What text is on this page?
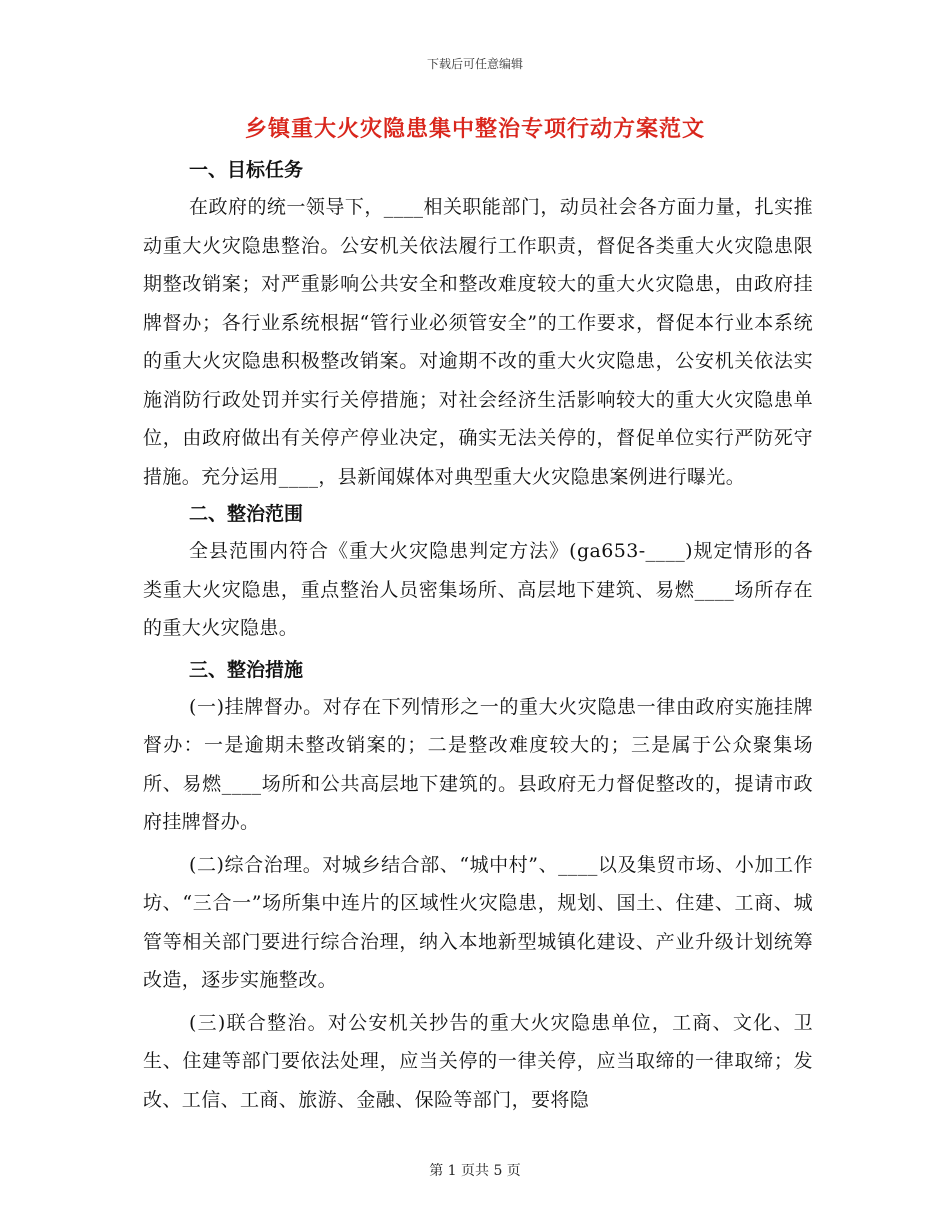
下载后可任意编辑
乡镇重大火灾隐患集中整治专项行动方案范文

一、目标任务

在政府的统一领导下，____相关职能部门，动员社会各方面力量，扎实推动重大火灾隐患整治。公安机关依法履行工作职责，督促各类重大火灾隐患限期整改销案；对严重影响公共安全和整改难度较大的重大火灾隐患，由政府挂牌督办；各行业系统根据“管行业必须管安全”的工作要求，督促本行业本系统的重大火灾隐患积极整改销案。对逾期不改的重大火灾隐患，公安机关依法实施消防行政处罚并实行关停措施；对社会经济生活影响较大的重大火灾隐患单位，由政府做出有关停产停业决定，确实无法关停的，督促单位实行严防死守措施。充分运用____，县新闻媒体对典型重大火灾隐患案例进行曝光。

二、整治范围

全县范围内符合《重大火灾隐患判定方法》(ga653-____)规定情形的各类重大火灾隐患，重点整治人员密集场所、高层地下建筑、易燃____场所存在的重大火灾隐患。

三、整治措施

(一)挂牌督办。对存在下列情形之一的重大火灾隐患一律由政府实施挂牌督办：一是逾期未整改销案的；二是整改难度较大的；三是属于公众聚集场所、易燃____场所和公共高层地下建筑的。县政府无力督促整改的，提请市政府挂牌督办。

(二)综合治理。对城乡结合部、“城中村”、____以及集贸市场、小加工作坊、“三合一”场所集中连片的区域性火灾隐患，规划、国土、住建、工商、城管等相关部门要进行综合治理，纳入本地新型城镇化建设、产业升级计划统筹改造，逐步实施整改。

(三)联合整治。对公安机关抄告的重大火灾隐患单位，工商、文化、卫生、住建等部门要依法处理，应当关停的一律关停，应当取缔的一律取缔；发改、工信、工商、旅游、金融、保险等部门，要将隐

第 1 页共 5 页
